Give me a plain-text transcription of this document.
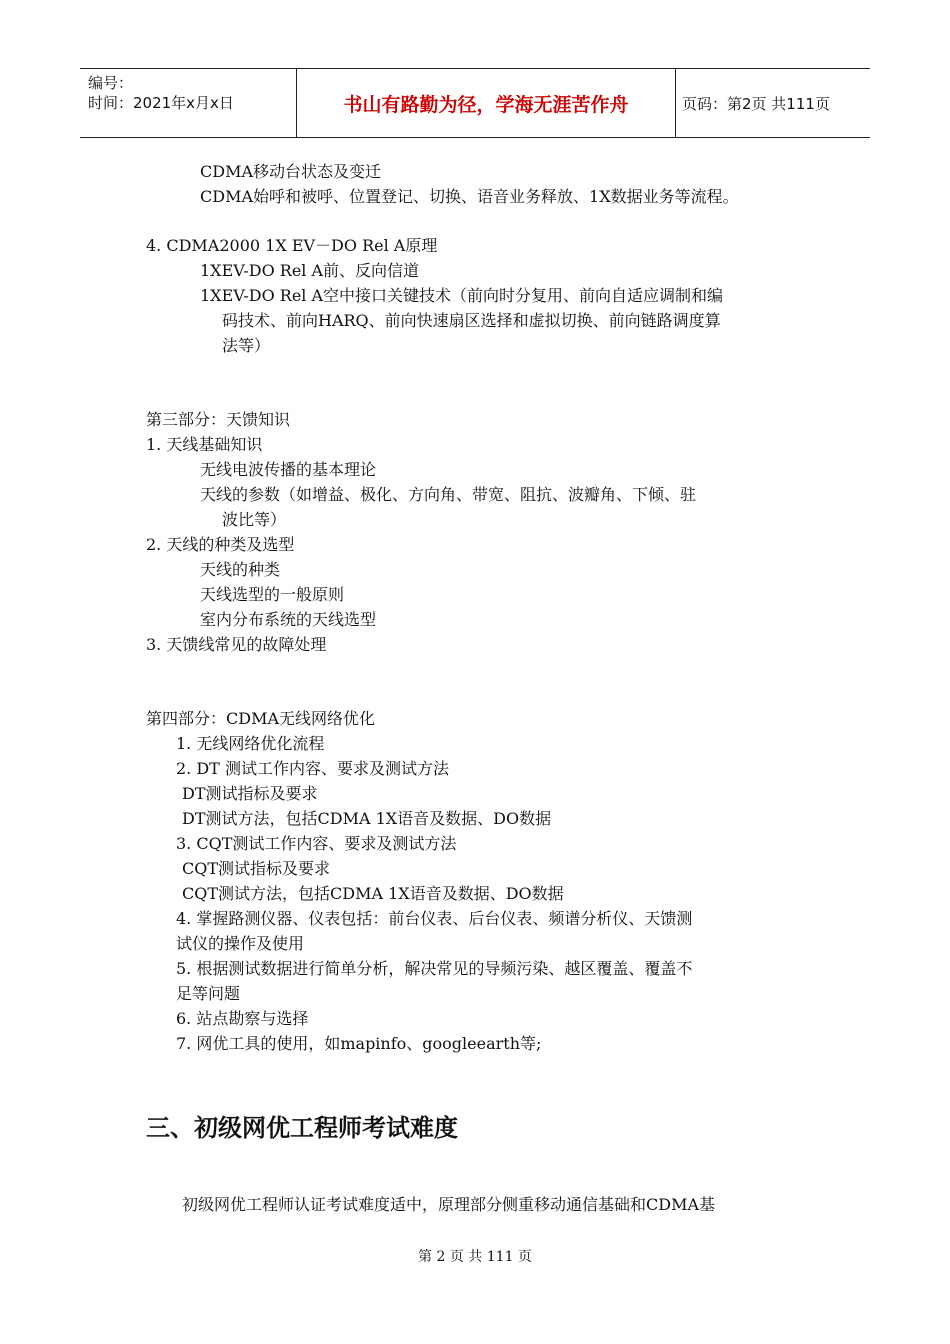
编号：
时间：2021年x月x日	书山有路勤为径，学海无涯苦作舟	页码：第2页 共111页
CDMA移动台状态及变迁
CDMA始呼和被呼、位置登记、切换、语音业务释放、1X数据业务等流程。
4. CDMA2000 1X EV－DO Rel A原理
1XEV-DO Rel A前、反向信道
1XEV-DO Rel A空中接口关键技术（前向时分复用、前向自适应调制和编
码技术、前向HARQ、前向快速扇区选择和虚拟切换、前向链路调度算
法等）
第三部分：天馈知识
1. 天线基础知识
无线电波传播的基本理论
天线的参数（如增益、极化、方向角、带宽、阻抗、波瓣角、下倾、驻
波比等）
2. 天线的种类及选型
天线的种类
天线选型的一般原则
室内分布系统的天线选型
3. 天馈线常见的故障处理
第四部分：CDMA无线网络优化
1. 无线网络优化流程
2. DT 测试工作内容、要求及测试方法
DT测试指标及要求
DT测试方法，包括CDMA 1X语音及数据、DO数据
3. CQT测试工作内容、要求及测试方法
CQT测试指标及要求
CQT测试方法，包括CDMA 1X语音及数据、DO数据
4. 掌握路测仪器、仪表包括：前台仪表、后台仪表、频谱分析仪、天馈测
试仪的操作及使用
5. 根据测试数据进行简单分析，解决常见的导频污染、越区覆盖、覆盖不
足等问题
6. 站点勘察与选择
7. 网优工具的使用，如mapinfo、googleearth等;
三、初级网优工程师考试难度
初级网优工程师认证考试难度适中，原理部分侧重移动通信基础和CDMA基
第 2 页 共 111 页
